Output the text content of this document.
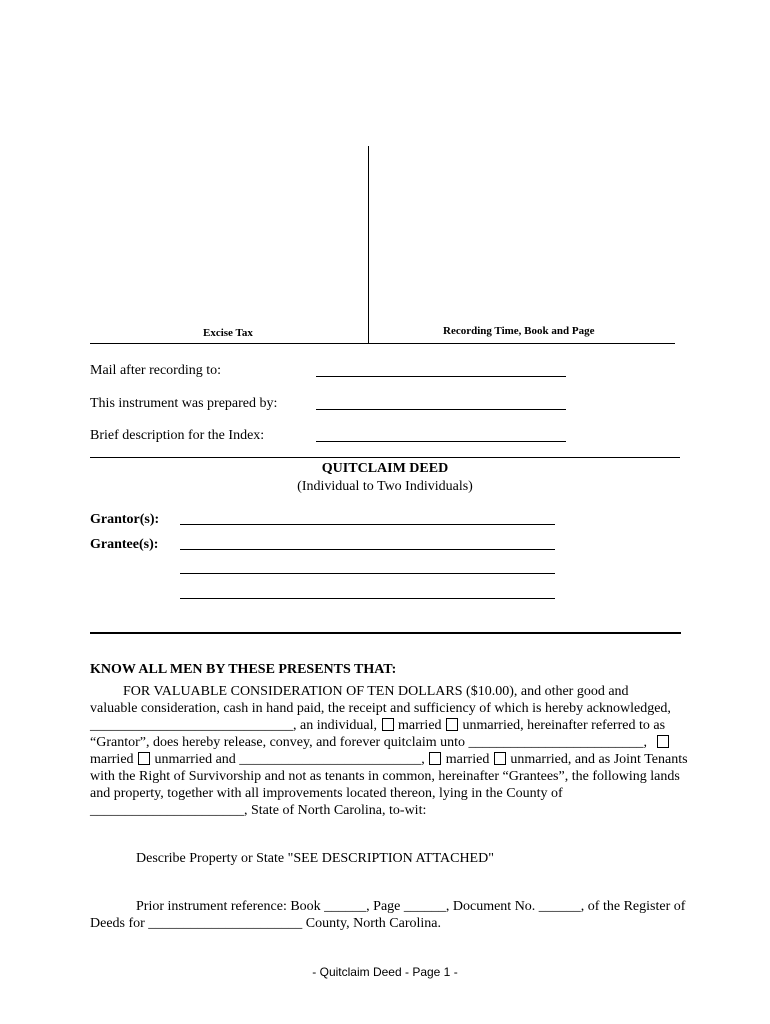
Excise Tax	Recording Time, Book and Page
Mail after recording to:
This instrument was prepared by:
Brief description for the Index:
QUITCLAIM DEED
(Individual to Two Individuals)
Grantor(s):
Grantee(s):
KNOW ALL MEN BY THESE PRESENTS THAT:
FOR VALUABLE CONSIDERATION OF TEN DOLLARS ($10.00), and other good and
valuable consideration, cash in hand paid, the receipt and sufficiency of which is hereby acknowledged,
_____________________________, an individual, married unmarried, hereinafter referred to as
“Grantor”, does hereby release, convey, and forever quitclaim unto _________________________,
married unmarried and __________________________, married unmarried, and as Joint Tenants
with the Right of Survivorship and not as tenants in common, hereinafter “Grantees”, the following lands
and property, together with all improvements located thereon, lying in the County of
______________________, State of North Carolina, to-wit:
Describe Property or State "SEE DESCRIPTION ATTACHED"
Prior instrument reference: Book ______, Page ______, Document No. ______, of the Register of
Deeds for ______________________ County, North Carolina.
- Quitclaim Deed - Page 1 -
